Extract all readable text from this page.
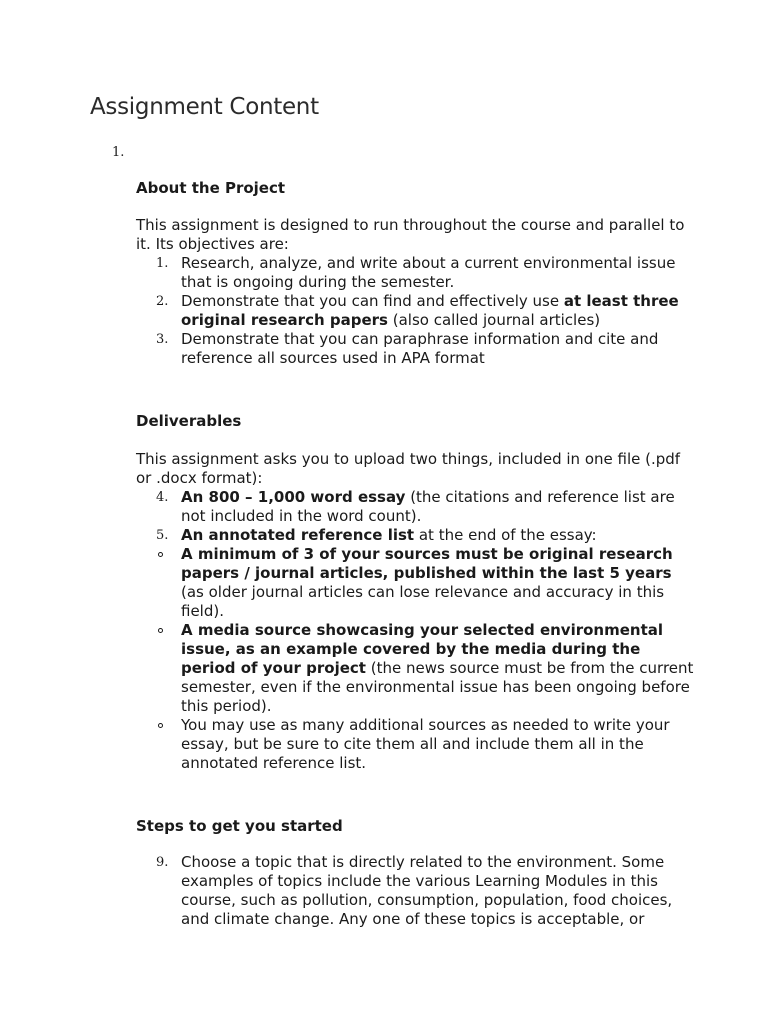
Assignment Content
1.
About the Project

This assignment is designed to run throughout the course and parallel to it. Its objectives are:

1. Research, analyze, and write about a current environmental issue that is ongoing during the semester.
2. Demonstrate that you can find and effectively use at least three original research papers (also called journal articles)
3. Demonstrate that you can paraphrase information and cite and reference all sources used in APA format
Deliverables

This assignment asks you to upload two things, included in one file (.pdf or .docx format):

4. An 800 – 1,000 word essay (the citations and reference list are not included in the word count).
5. An annotated reference list at the end of the essay:
A minimum of 3 of your sources must be original research papers / journal articles, published within the last 5 years (as older journal articles can lose relevance and accuracy in this field).
A media source showcasing your selected environmental issue, as an example covered by the media during the period of your project (the news source must be from the current semester, even if the environmental issue has been ongoing before this period).
You may use as many additional sources as needed to write your essay, but be sure to cite them all and include them all in the annotated reference list.
Steps to get you started
9. Choose a topic that is directly related to the environment. Some examples of topics include the various Learning Modules in this course, such as pollution, consumption, population, food choices, and climate change. Any one of these topics is acceptable, or
